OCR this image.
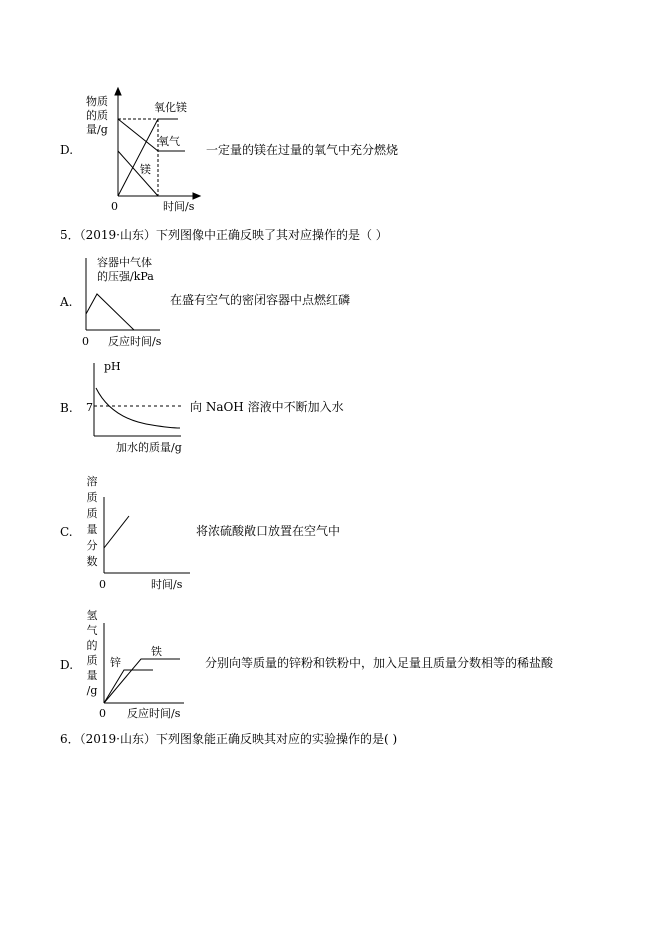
D.
物质
的质
量/g
氧化镁
氧气
镁
0	时间/s
一定量的镁在过量的氧气中充分燃烧
5．（2019·山东）下列图像中正确反映了其对应操作的是（ ）
A.
容器中气体
的压强/kPa
0 反应时间/s
在盛有空气的密闭容器中点燃红磷
B.
pH
7
加水的质量/g
向 NaOH 溶液中不断加入水
C.
溶
质
质
量
分
数
0	时间/s
将浓硫酸敞口放置在空气中
D.
氢
气
的
质
量
/g
锌
铁
0 反应时间/s
分别向等质量的锌粉和铁粉中，加入足量且质量分数相等的稀盐酸
6．（2019·山东）下列图象能正确反映其对应的实验操作的是( )
